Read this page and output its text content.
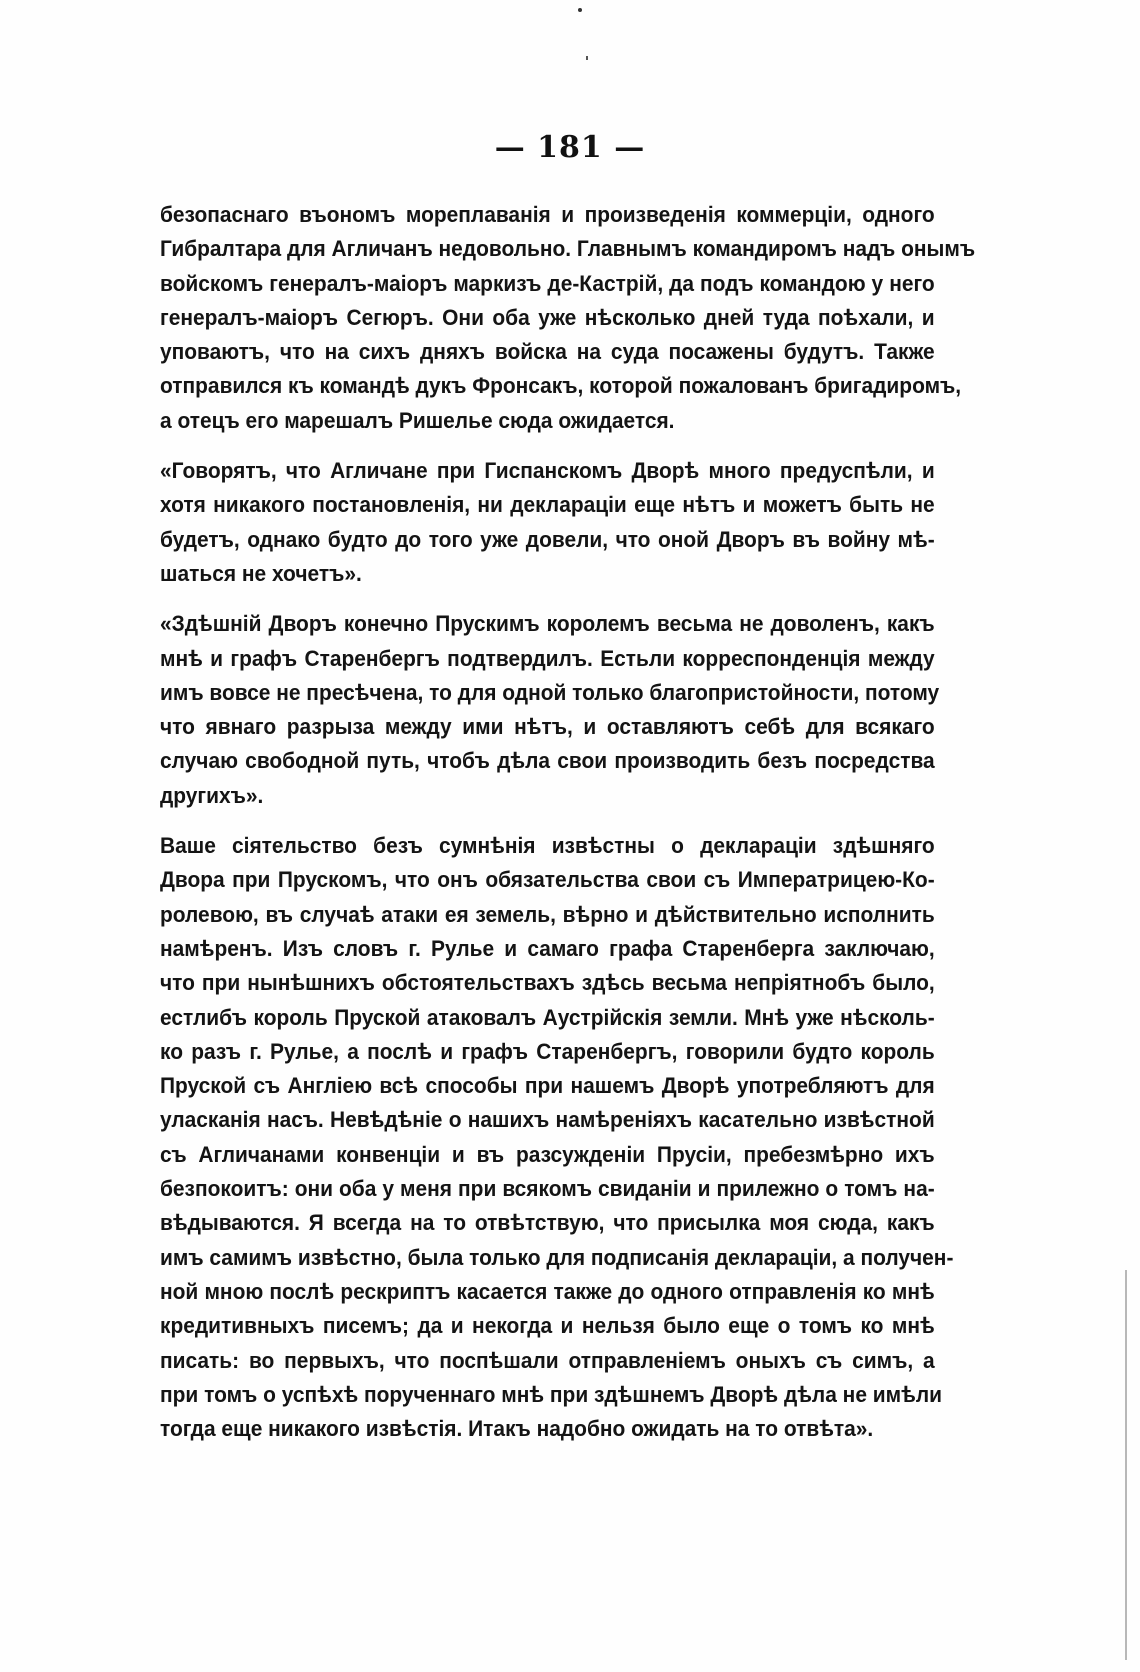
— 181 —
безопаснаго въономъ мореплаванія и произведенія коммерціи, одного
Гибралтара для Агличанъ недовольно. Главнымъ командиромъ надъ онымъ
войскомъ генералъ-маіоръ маркизъ де-Кастрій, да подъ командою у него
генералъ-маіоръ Сегюръ. Они оба уже нѣсколько дней туда поѣхали, и
уповаютъ, что на сихъ дняхъ войска на суда посажены будутъ. Также
отправился къ командѣ дукъ Фронсакъ, которой пожалованъ бригадиромъ,
а отецъ его марешалъ Ришелье сюда ожидается.
«Говорятъ, что Агличане при Гиспанскомъ Дворѣ много предуспѣли, и
хотя никакого постановленія, ни деклараціи еще нѣтъ и можетъ быть не
будетъ, однако будто до того уже довели, что оной Дворъ въ войну мѣ-
шаться не хочетъ».
«Здѣшній Дворъ конечно Прускимъ королемъ весьма не доволенъ, какъ
мнѣ и графъ Старенбергъ подтвердилъ. Естьли корреспонденція между
имъ вовсе не пресѣчена, то для одной только благопристойности, потому
что явнаго разрыза между ими нѣтъ, и оставляютъ себѣ для всякаго
случаю свободной путь, чтобъ дѣла свои производить безъ посредства
другихъ».
Ваше сіятельство безъ сумнѣнія извѣстны о деклараціи здѣшняго
Двора при Прускомъ, что онъ обязательства свои съ Императрицею-Ко-
ролевою, въ случаѣ атаки ея земель, вѣрно и дѣйствительно исполнить
намѣренъ. Изъ словъ г. Рулье и самаго графа Старенберга заключаю,
что при нынѣшнихъ обстоятельствахъ здѣсь весьма непріятнобъ было,
естлибъ король Пруской атаковалъ Аустрійскія земли. Мнѣ уже нѣсколь-
ко разъ г. Рулье, а послѣ и графъ Старенбергъ, говорили будто король
Пруской съ Англіею всѣ способы при нашемъ Дворѣ употребляютъ для
уласканія насъ. Невѣдѣніе о нашихъ намѣреніяхъ касательно извѣстной
съ Агличанами конвенціи и въ разсужденіи Прусіи, пребезмѣрно ихъ
безпокоитъ: они оба у меня при всякомъ свиданіи и прилежно о томъ на-
вѣдываются. Я всегда на то отвѣтствую, что присылка моя сюда, какъ
имъ самимъ извѣстно, была только для подписанія деклараціи, а получен-
ной мною послѣ рескриптъ касается также до одного отправленія ко мнѣ
кредитивныхъ писемъ; да и некогда и нельзя было еще о томъ ко мнѣ
писать: во первыхъ, что поспѣшали отправленіемъ оныхъ съ симъ, а
при томъ о успѣхѣ порученнаго мнѣ при здѣшнемъ Дворѣ дѣла не имѣли
тогда еще никакого извѣстія. Итакъ надобно ожидать на то отвѣта».
